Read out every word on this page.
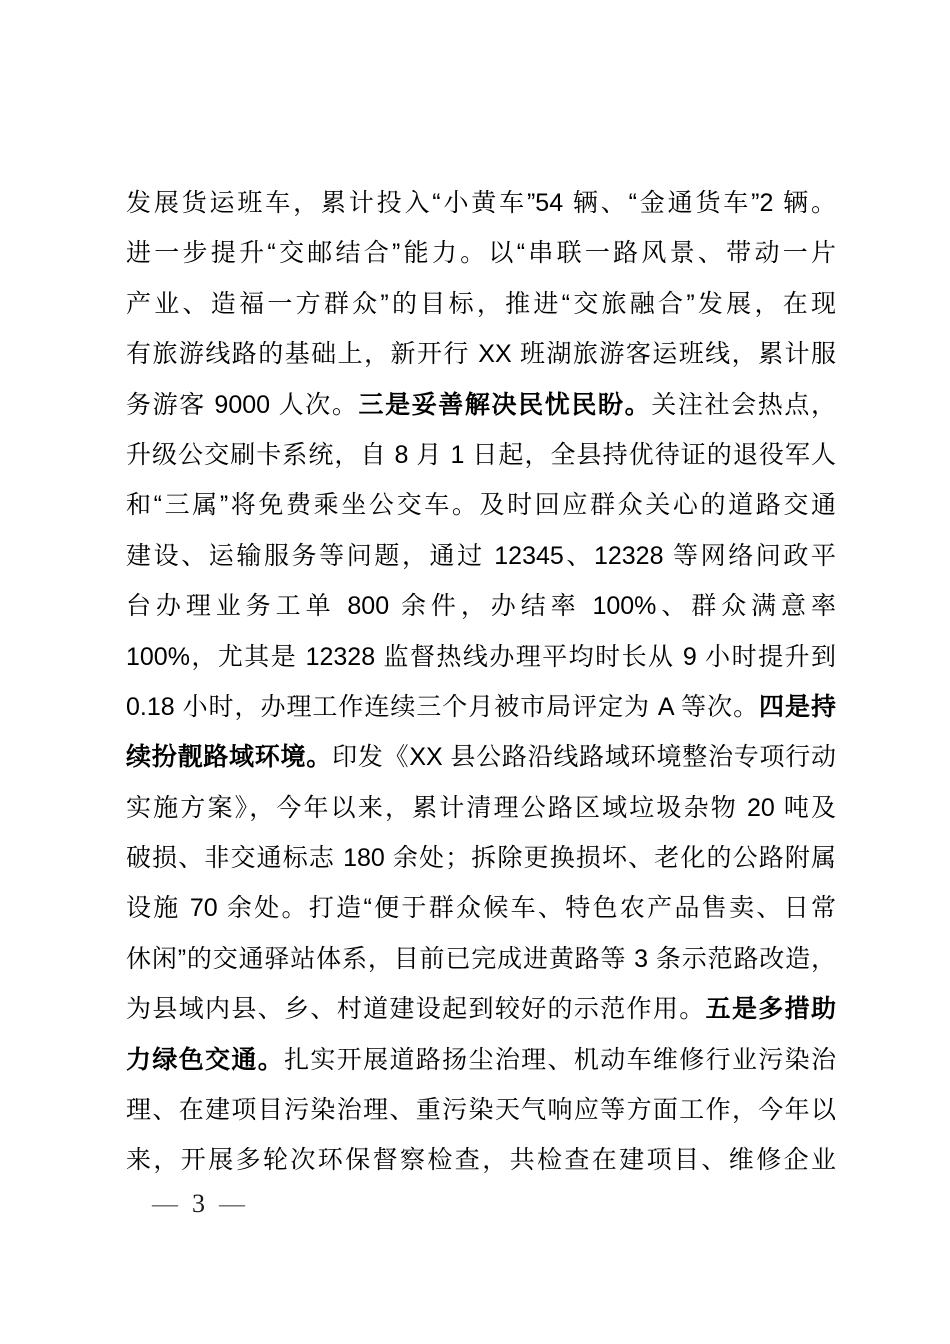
发展货运班车，累计投入“小黄车”54 辆、“金通货车”2 辆。
进一步提升“交邮结合”能力。以“串联一路风景、带动一片
产业、造福一方群众”的目标，推进“交旅融合”发展，在现
有旅游线路的基础上，新开行 XX 班湖旅游客运班线，累计服
务游客 9000 人次。三是妥善解决民忧民盼。关注社会热点，
升级公交刷卡系统，自 8 月 1 日起，全县持优待证的退役军人
和“三属”将免费乘坐公交车。及时回应群众关心的道路交通
建设、运输服务等问题，通过 12345、12328 等网络问政平
台办理业务工单 800 余件，办结率 100%、群众满意率
100%，尤其是 12328 监督热线办理平均时长从 9 小时提升到
0.18 小时，办理工作连续三个月被市局评定为 A 等次。四是持
续扮靓路域环境。印发《XX 县公路沿线路域环境整治专项行动
实施方案》，今年以来，累计清理公路区域垃圾杂物 20 吨及
破损、非交通标志 180 余处；拆除更换损坏、老化的公路附属
设施 70 余处。打造“便于群众候车、特色农产品售卖、日常
休闲”的交通驿站体系，目前已完成进黄路等 3 条示范路改造，
为县域内县、乡、村道建设起到较好的示范作用。五是多措助
力绿色交通。扎实开展道路扬尘治理、机动车维修行业污染治
理、在建项目污染治理、重污染天气响应等方面工作，今年以
来，开展多轮次环保督察检查，共检查在建项目、维修企业
— 3 —
